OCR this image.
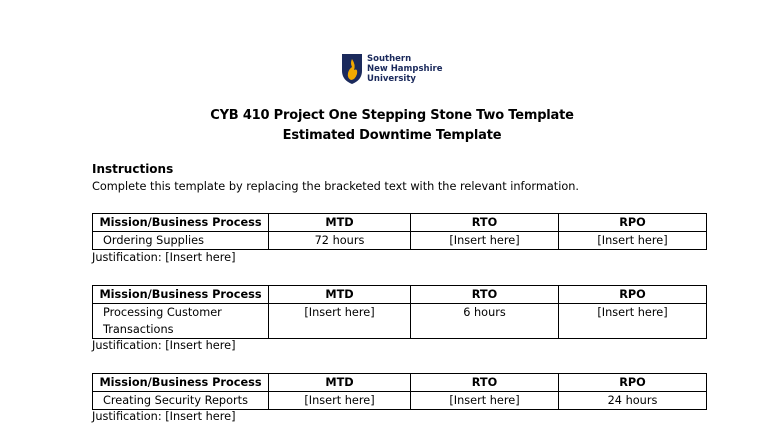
Southern
New Hampshire
University
CYB 410 Project One Stepping Stone Two Template
Estimated Downtime Template
Instructions
Complete this template by replacing the bracketed text with the relevant information.
Mission/Business Process	MTD	RTO	RPO
Ordering Supplies	72 hours	[Insert here]	[Insert here]
Justification: [Insert here]
Mission/Business Process	MTD	RTO	RPO
Processing Customer Transactions	[Insert here]	6 hours	[Insert here]
Justification: [Insert here]
Mission/Business Process	MTD	RTO	RPO
Creating Security Reports	[Insert here]	[Insert here]	24 hours
Justification: [Insert here]
